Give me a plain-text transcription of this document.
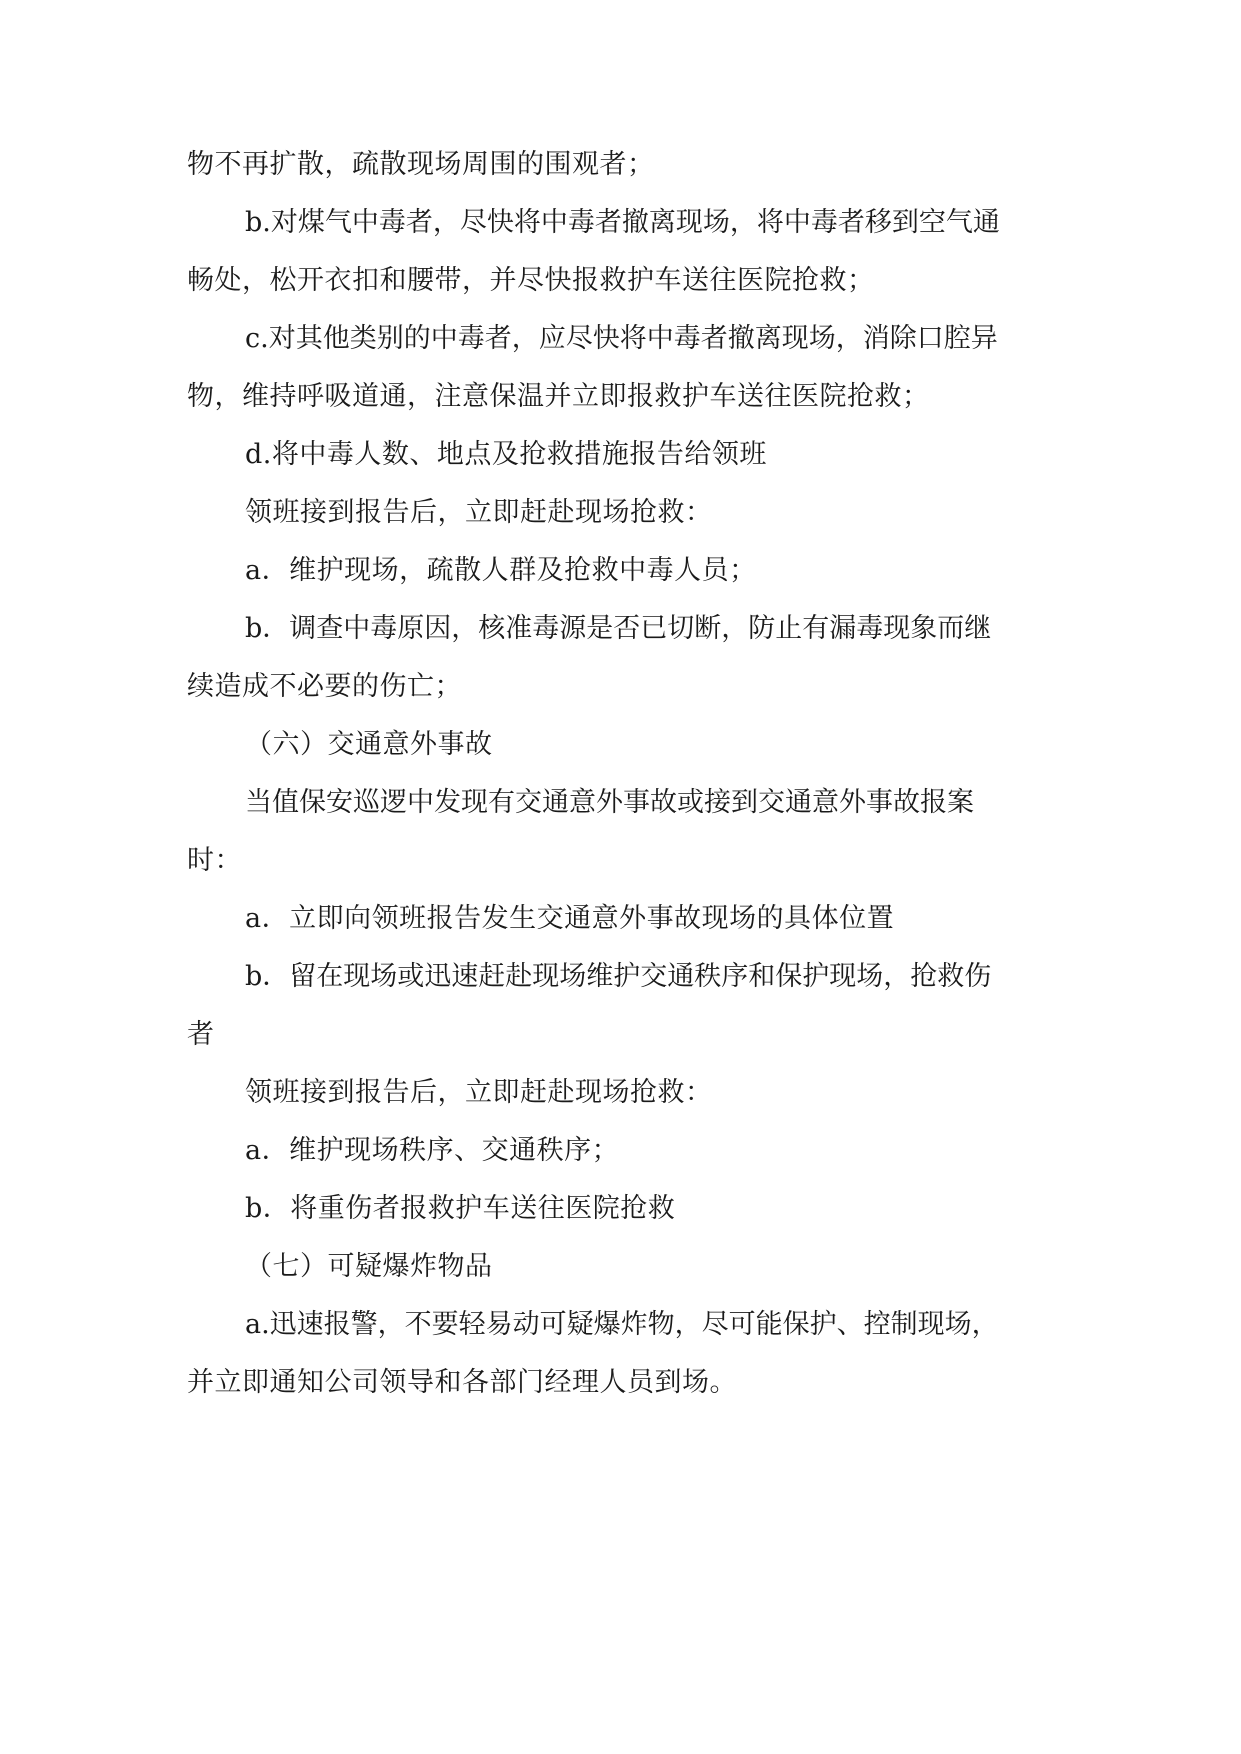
物不再扩散，疏散现场周围的围观者；
b.对煤气中毒者，尽快将中毒者撤离现场，将中毒者移到空气通
畅处，松开衣扣和腰带，并尽快报救护车送往医院抢救；
c.对其他类别的中毒者，应尽快将中毒者撤离现场，消除口腔异
物，维持呼吸道通，注意保温并立即报救护车送往医院抢救；
d.将中毒人数、地点及抢救措施报告给领班
领班接到报告后，立即赶赴现场抢救：
a．维护现场，疏散人群及抢救中毒人员；
b．调查中毒原因，核准毒源是否已切断，防止有漏毒现象而继
续造成不必要的伤亡；
（六）交通意外事故
当值保安巡逻中发现有交通意外事故或接到交通意外事故报案
时：
a．立即向领班报告发生交通意外事故现场的具体位置
b．留在现场或迅速赶赴现场维护交通秩序和保护现场，抢救伤
者
领班接到报告后，立即赶赴现场抢救：
a．维护现场秩序、交通秩序；
b．将重伤者报救护车送往医院抢救
（七）可疑爆炸物品
a.迅速报警，不要轻易动可疑爆炸物，尽可能保护、控制现场，
并立即通知公司领导和各部门经理人员到场。
